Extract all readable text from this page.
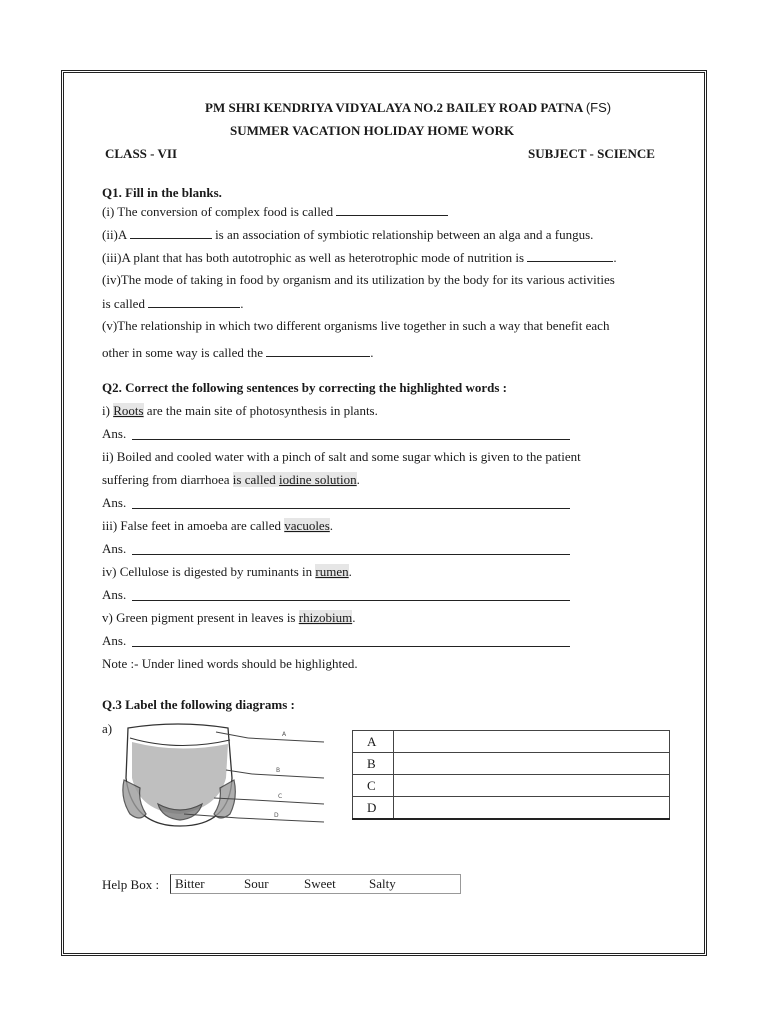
PM SHRI KENDRIYA VIDYALAYA NO.2 BAILEY ROAD PATNA (FS)
SUMMER VACATION HOLIDAY HOME WORK
CLASS - VII	SUBJECT - SCIENCE
Q1. Fill in the blanks.
(i) The conversion of complex food is called
(ii)A	is an association of symbiotic relationship between an alga and a fungus.
(iii)A plant that has both autotrophic as well as heterotrophic mode of nutrition is	.
(iv)The mode of taking in food by organism and its utilization by the body for its various activities
is called	.
(v)The relationship in which two different organisms live together in such a way that benefit each
other in some way is called the	.
Q2. Correct the following sentences by correcting the highlighted words :
i) Roots are the main site of photosynthesis in plants.
Ans.
ii) Boiled and cooled water with a pinch of salt and some sugar which is given to the patient
suffering from diarrhoea is called iodine solution.
Ans.
iii) False feet in amoeba are called vacuoles.
Ans.
iv) Cellulose is digested by ruminants in rumen.
Ans.
v) Green pigment present in leaves is rhizobium.
Ans.
Note :- Under lined words should be highlighted.
Q.3 Label the following diagrams :
a)	A
B
C
D
A	
B	
C	
D	
Help Box : Bitter	Sour	Sweet	Salty
